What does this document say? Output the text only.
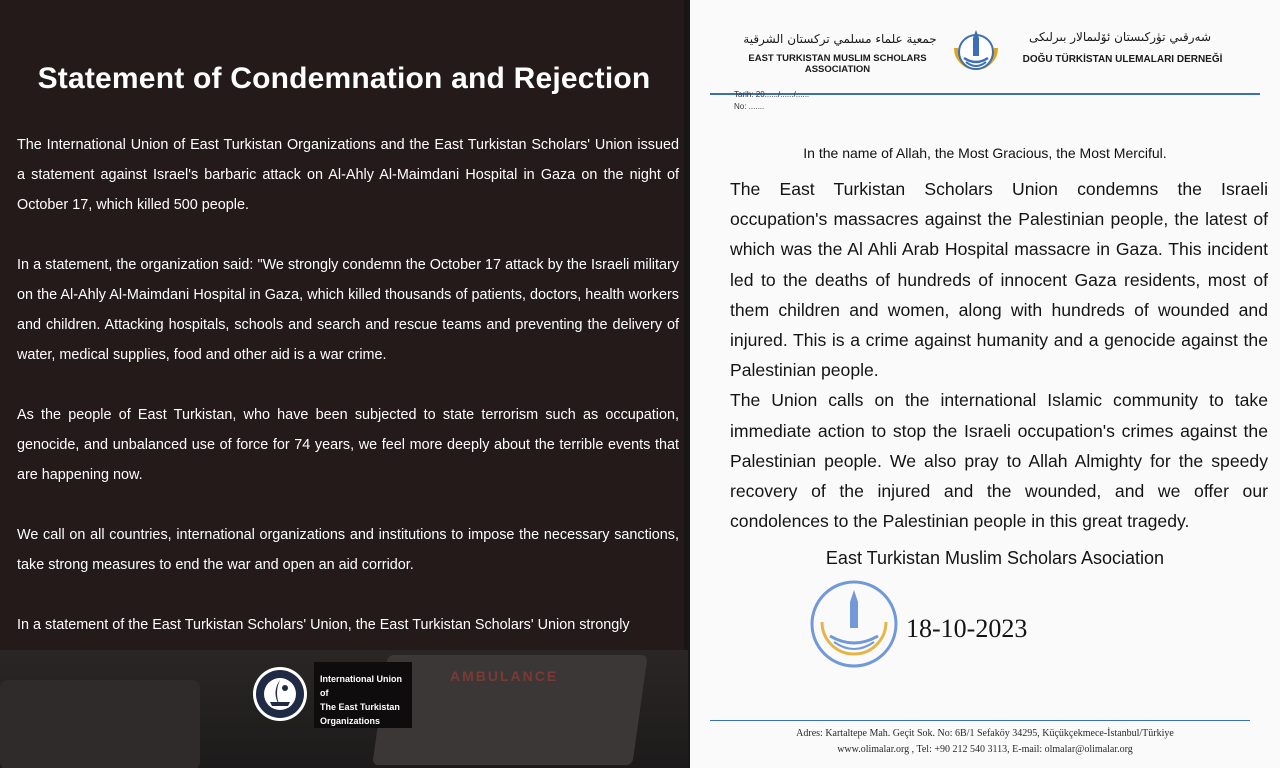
Statement of Condemnation and Rejection

The International Union of East Turkistan Organizations and the East Turkistan Scholars' Union issued a statement against Israel's barbaric attack on Al-Ahly Al-Maimdani Hospital in Gaza on the night of October 17, which killed 500 people.

In a statement, the organization said: "We strongly condemn the October 17 attack by the Israeli military on the Al-Ahly Al-Maimdani Hospital in Gaza, which killed thousands of patients, doctors, health workers and children. Attacking hospitals, schools and search and rescue teams and preventing the delivery of water, medical supplies, food and other aid is a war crime.

As the people of East Turkistan, who have been subjected to state terrorism such as occupation, genocide, and unbalanced use of force for 74 years, we feel more deeply about the terrible events that are happening now.

We call on all countries, international organizations and institutions to impose the necessary sanctions, take strong measures to end the war and open an aid corridor.

In a statement of the East Turkistan Scholars' Union, the East Turkistan Scholars' Union strongly

AMBULANCE
International Union of
The East Turkistan
Organizations
جمعية علماء مسلمي تركستان الشرقية
EAST TURKISTAN MUSLIM SCHOLARS ASSOCIATION
شەرقىي تۈركىستان ئۆلىمالار بىرلىكى
DOĞU TÜRKİSTAN ULEMALARI DERNEĞİ
Tarih: 20....../....../......
No: .......
In the name of Allah, the Most Gracious, the Most Merciful.

The East Turkistan Scholars Union condemns the Israeli occupation's massacres against the Palestinian people, the latest of which was the Al Ahli Arab Hospital massacre in Gaza. This incident led to the deaths of hundreds of innocent Gaza residents, most of them children and women, along with hundreds of wounded and injured. This is a crime against humanity and a genocide against the Palestinian people.

The Union calls on the international Islamic community to take immediate action to stop the Israeli occupation's crimes against the Palestinian people. We also pray to Allah Almighty for the speedy recovery of the injured and the wounded, and we offer our condolences to the Palestinian people in this great tragedy.

East Turkistan Muslim Scholars Asociation
18-10-2023
Adres: Kartaltepe Mah. Geçit Sok. No: 6B/1 Sefaköy 34295, Küçükçekmece-İstanbul/Türkiye
www.olimalar.org , Tel: +90 212 540 3113, E-mail: olmalar@olimalar.org
